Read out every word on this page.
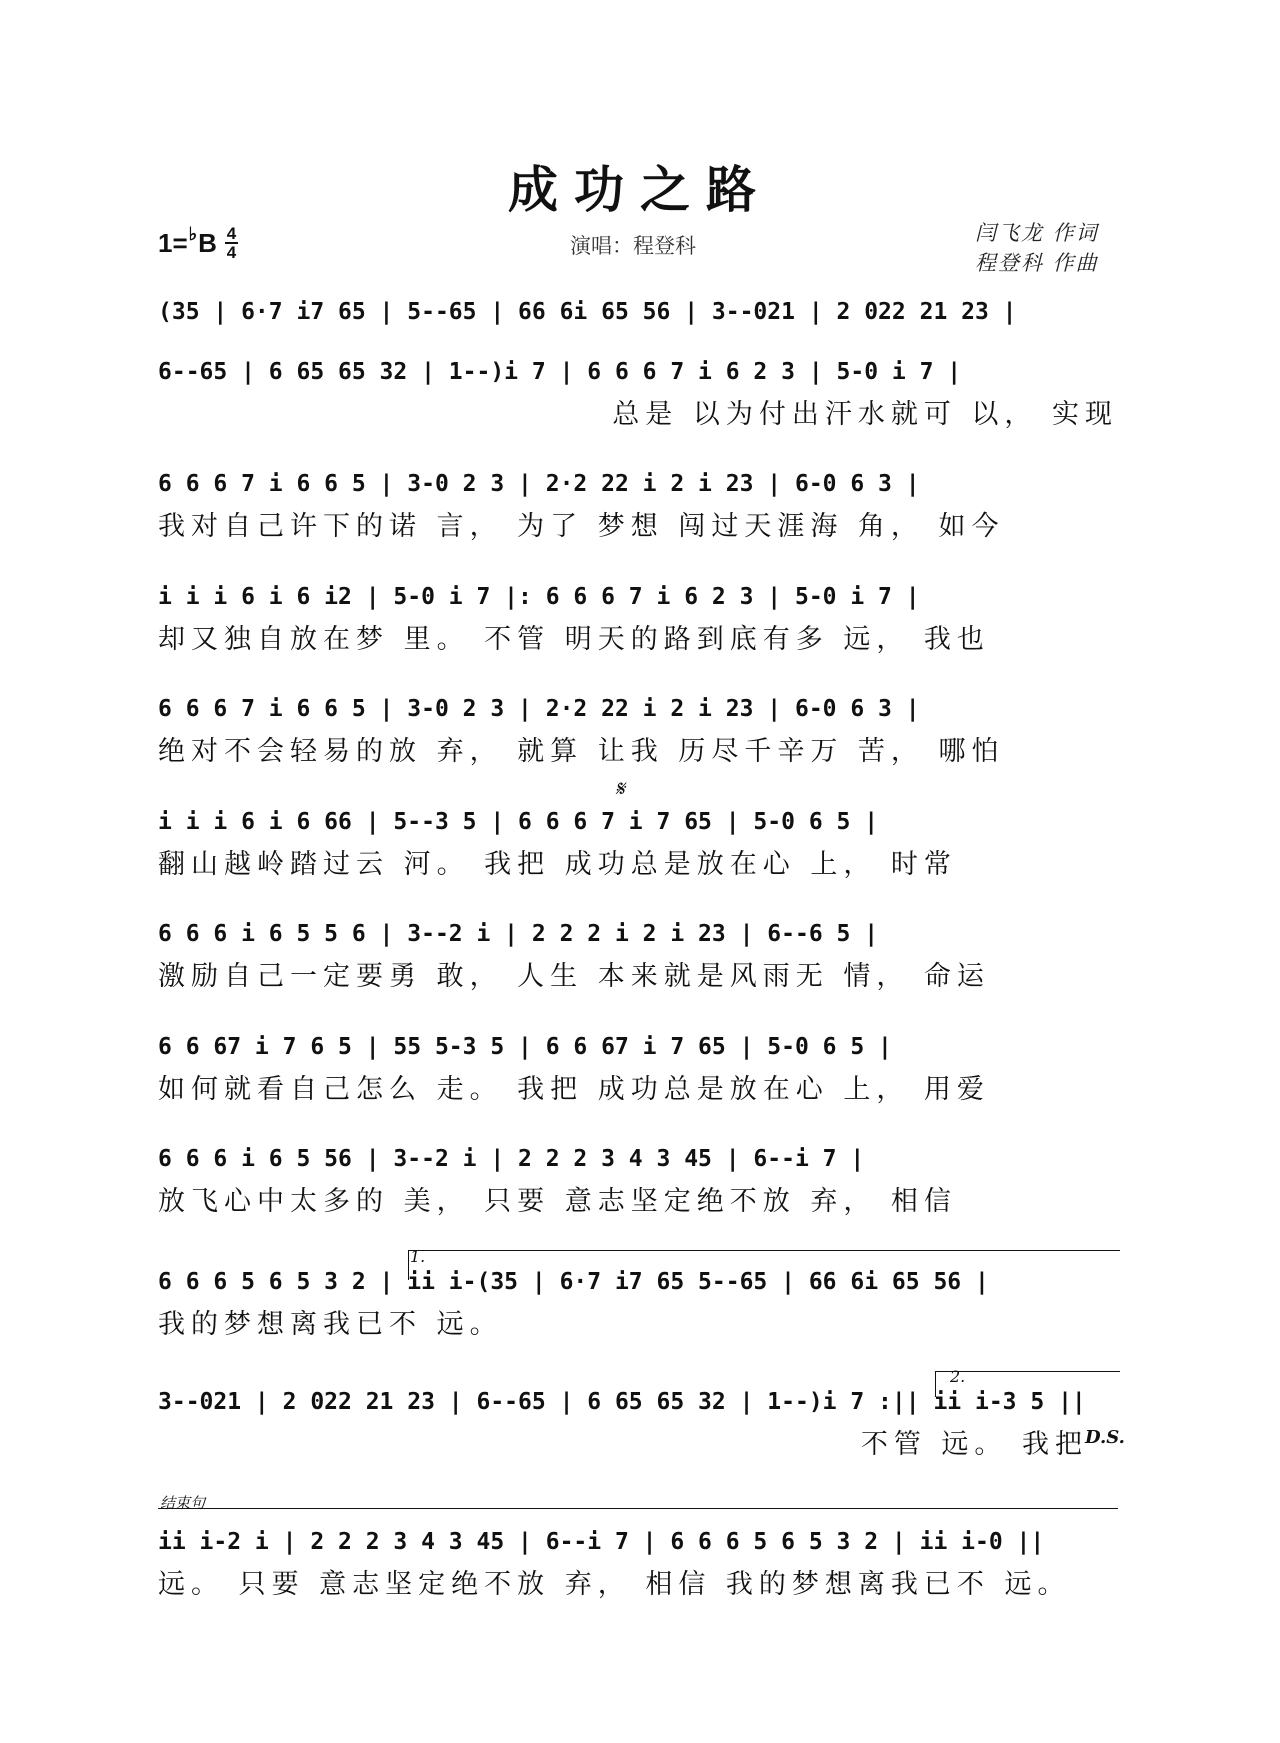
成功之路
1= ♭ B 4
4	演唱：程登科
闫飞龙 作词
程登科 作曲
(35 | 6·7 i7 65 | 5--65 | 66 6i 65 56 | 3--021 | 2 022 21 23 |
6--65 | 6 65 65 32 | 1--)i 7 | 6 6 6 7 i 6 2 3 | 5-0 i 7 |
总是 以为付出汗水就可 以， 实现
6 6 6 7 i 6 6 5 | 3-0 2 3 | 2·2 22 i 2 i 23 | 6-0 6 3 |
我对自己许下的诺 言， 为了 梦想 闯过天涯海 角， 如今
i i i 6 i 6 i2 | 5-0 i 7 |: 6 6 6 7 i 6 2 3 | 5-0 i 7 |
却又独自放在梦 里。 不管 明天的路到底有多 远， 我也
6 6 6 7 i 6 6 5 | 3-0 2 3 | 2·2 22 i 2 i 23 | 6-0 6 3 |
绝对不会轻易的放 弃， 就算 让我 历尽千辛万 苦， 哪怕
𝄋
i i i 6 i 6 66 | 5--3 5 | 6 6 6 7 i 7 65 | 5-0 6 5 |
翻山越岭踏过云 河。 我把 成功总是放在心 上， 时常
6 6 6 i 6 5 5 6 | 3--2 i | 2 2 2 i 2 i 23 | 6--6 5 |
激励自己一定要勇 敢， 人生 本来就是风雨无 情， 命运
6 6 67 i 7 6 5 | 55 5-3 5 | 6 6 67 i 7 65 | 5-0 6 5 |
如何就看自己怎么 走。 我把 成功总是放在心 上， 用爱
6 6 6 i 6 5 56 | 3--2 i | 2 2 2 3 4 3 45 | 6--i 7 |
放飞心中太多的 美， 只要 意志坚定绝不放 弃， 相信
1.
6 6 6 5 6 5 3 2 | ii i-(35 | 6·7 i7 65 5--65 | 66 6i 65 56 |
我的梦想离我已不 远。
2.
3--021 | 2 022 21 23 | 6--65 | 6 65 65 32 | 1--)i 7 :|| ii i-3 5 ||
不管 远。 我把
D.S.
结束句
ii i-2 i | 2 2 2 3 4 3 45 | 6--i 7 | 6 6 6 5 6 5 3 2 | ii i-0 ||
远。 只要 意志坚定绝不放 弃， 相信 我的梦想离我已不 远。
